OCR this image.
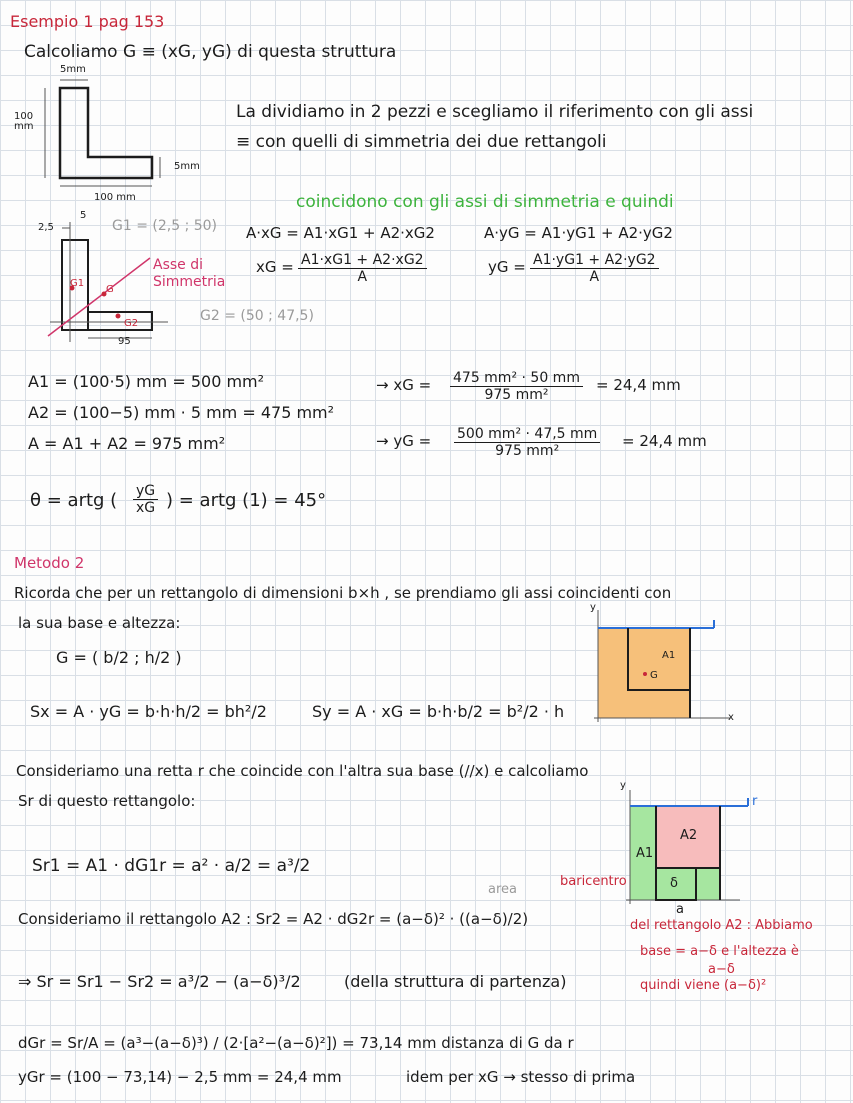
Esempio 1 pag 153
Calcoliamo G ≡ (xG, yG) di questa struttura
5mm
100 mm
5mm
100 mm
La dividiamo in 2 pezzi e scegliamo il riferimento con gli assi
≡ con quelli di simmetria dei due rettangoli
coincidono con gli assi di simmetria e quindi
2,5
5
G1 = (2,5 ; 50)
G2 = (50 ; 47,5)
95
G1
G
G2
Asse di
Simmetria
A·xG = A1·xG1 + A2·xG2	A·yG = A1·yG1 + A2·yG2
xG = $\frac{A1\cdot xG1 + A2\cdot xG2}{A}$	yG = $\frac{A1\cdot yG1 + A2\cdot yG2}{A}$
A1 = (100·5) mm = 500 mm²
A2 = (100−5) mm · 5 mm = 475 mm²
A = A1 + A2 = 975 mm²
→ xG = $\frac{\text{475 mm² · 50 mm}}{\text{975 mm²}} = 24,4$ mm
→ yG = $\frac{\text{500 mm² · 47,5 mm}}{\text{975 mm²}} = 24,4$ mm
θ = artg ( $\frac{yG}{xG}$ ) = artg (1) = 45°
Metodo 2
Ricorda che per un rettangolo di dimensioni b×h , se prendiamo gli assi coincidenti con
la sua base e altezza:
G = ( b/2 ; h/2 )
Sx = A · yG = b·h·h/2 = bh²/2	Sy = A · xG = b·h·b/2 = b²/2 · h
y
x
A1
G
Consideriamo una retta r che coincide con l'altra sua base (//x) e calcoliamo
Sr di questo rettangolo:
y
A1
A2
δ
a
r
area
baricentro
Sr1 = A1 · dG1r = a² · a/2 = a³/2
Consideriamo il rettangolo A2 : Sr2 = A2 · dG2r = (a−δ)² · ((a−δ)/2)	del rettangolo A2 : Abbiamo
base = a−δ e l'altezza è
a−δ
quindi viene (a−δ)²
⇒ Sr = Sr1 − Sr2 = a³/2 − (a−δ)³/2	(della struttura di partenza)
dGr = Sr/A = (a³−(a−δ)³) / (2·[a²−(a−δ)²]) = 73,14 mm distanza di G da r
yGr = (100 − 73,14) − 2,5 mm = 24,4 mm	idem per xG → stesso di prima
